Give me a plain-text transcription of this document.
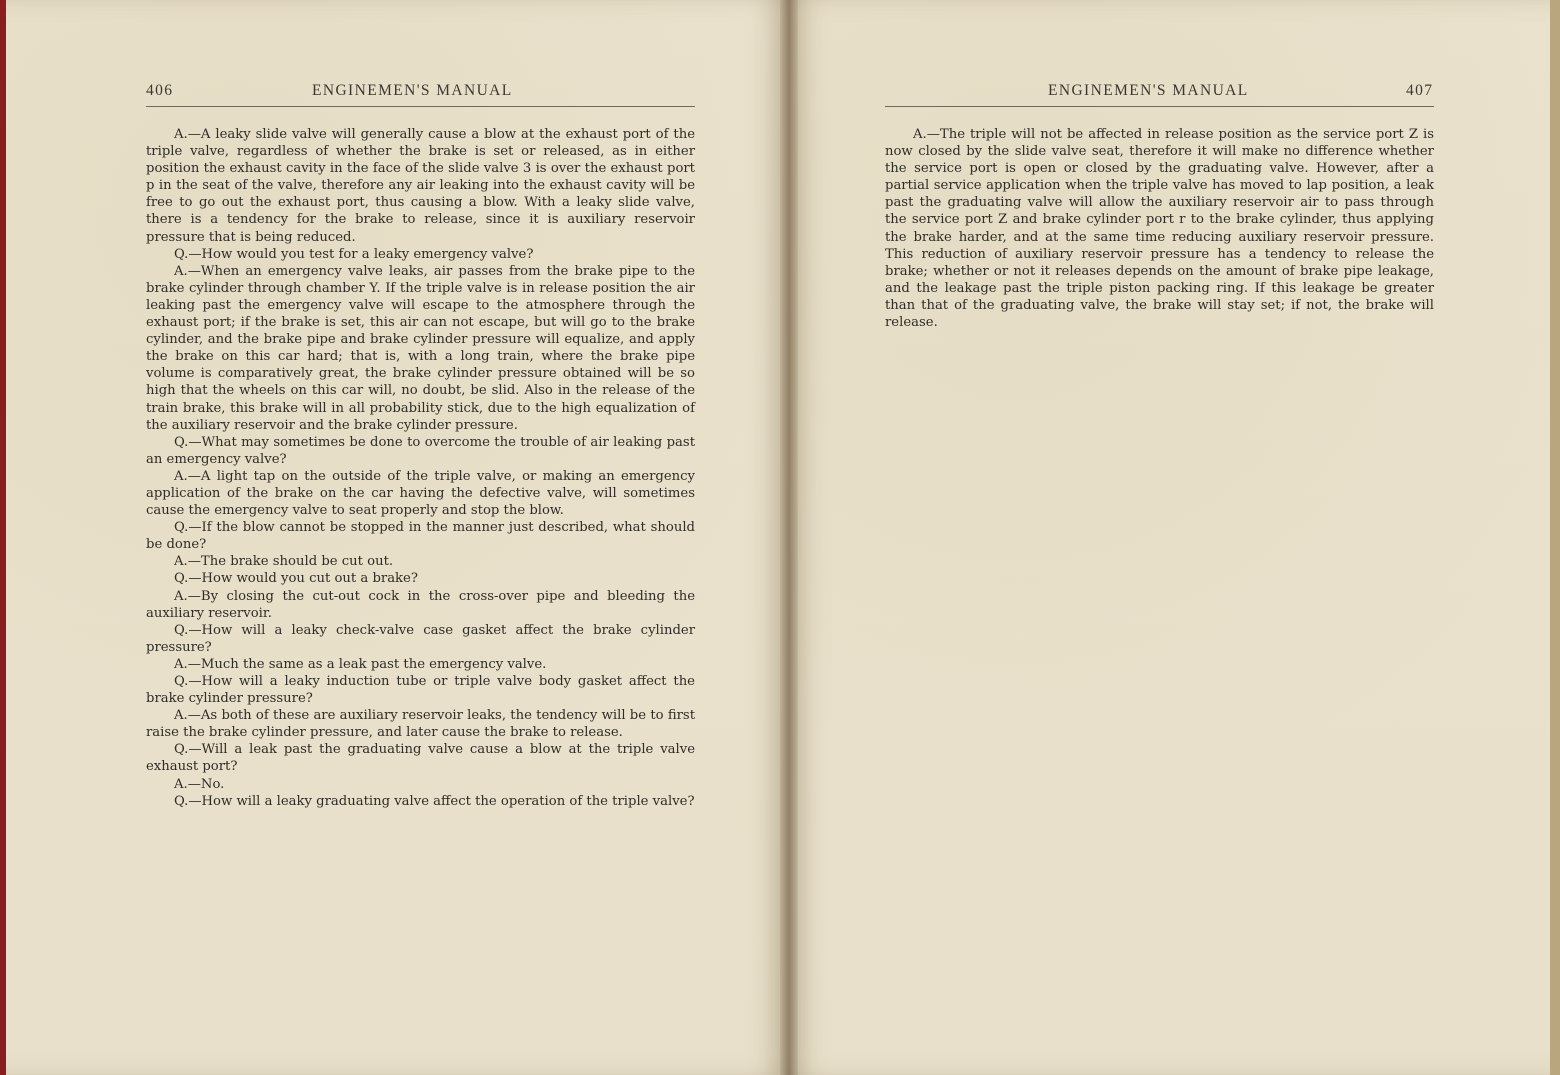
406	ENGINEMEN'S MANUAL

A.—A leaky slide valve will generally cause a blow at the exhaust port of the triple valve, regardless of whether the brake is set or released, as in either position the exhaust cavity in the face of the slide valve 3 is over the exhaust port p in the seat of the valve, therefore any air leaking into the exhaust cavity will be free to go out the exhaust port, thus causing a blow. With a leaky slide valve, there is a tendency for the brake to release, since it is auxiliary reservoir pressure that is being reduced.

Q.—How would you test for a leaky emergency valve?

A.—When an emergency valve leaks, air passes from the brake pipe to the brake cylinder through chamber Y. If the triple valve is in release position the air leaking past the emergency valve will escape to the atmosphere through the exhaust port; if the brake is set, this air can not escape, but will go to the brake cylinder, and the brake pipe and brake cylinder pressure will equalize, and apply the brake on this car hard; that is, with a long train, where the brake pipe volume is comparatively great, the brake cylinder pressure obtained will be so high that the wheels on this car will, no doubt, be slid. Also in the release of the train brake, this brake will in all probability stick, due to the high equalization of the auxiliary reservoir and the brake cylinder pressure.

Q.—What may sometimes be done to overcome the trouble of air leaking past an emergency valve?

A.—A light tap on the outside of the triple valve, or making an emergency application of the brake on the car having the defective valve, will sometimes cause the emergency valve to seat properly and stop the blow.

Q.—If the blow cannot be stopped in the manner just described, what should be done?

A.—The brake should be cut out.

Q.—How would you cut out a brake?

A.—By closing the cut-out cock in the cross-over pipe and bleeding the auxiliary reservoir.

Q.—How will a leaky check-valve case gasket affect the brake cylinder pressure?

A.—Much the same as a leak past the emergency valve.

Q.—How will a leaky induction tube or triple valve body gasket affect the brake cylinder pressure?

A.—As both of these are auxiliary reservoir leaks, the tendency will be to first raise the brake cylinder pressure, and later cause the brake to release.

Q.—Will a leak past the graduating valve cause a blow at the triple valve exhaust port?

A.—No.

Q.—How will a leaky graduating valve affect the operation of the triple valve?

ENGINEMEN'S MANUAL	407

A.—The triple will not be affected in release position as the service port Z is now closed by the slide valve seat, therefore it will make no difference whether the service port is open or closed by the graduating valve. However, after a partial service application when the triple valve has moved to lap position, a leak past the graduating valve will allow the auxiliary reservoir air to pass through the service port Z and brake cylinder port r to the brake cylinder, thus applying the brake harder, and at the same time reducing auxiliary reservoir pressure. This reduction of auxiliary reservoir pressure has a tendency to release the brake; whether or not it releases depends on the amount of brake pipe leakage, and the leakage past the triple piston packing ring. If this leakage be greater than that of the graduating valve, the brake will stay set; if not, the brake will release.
